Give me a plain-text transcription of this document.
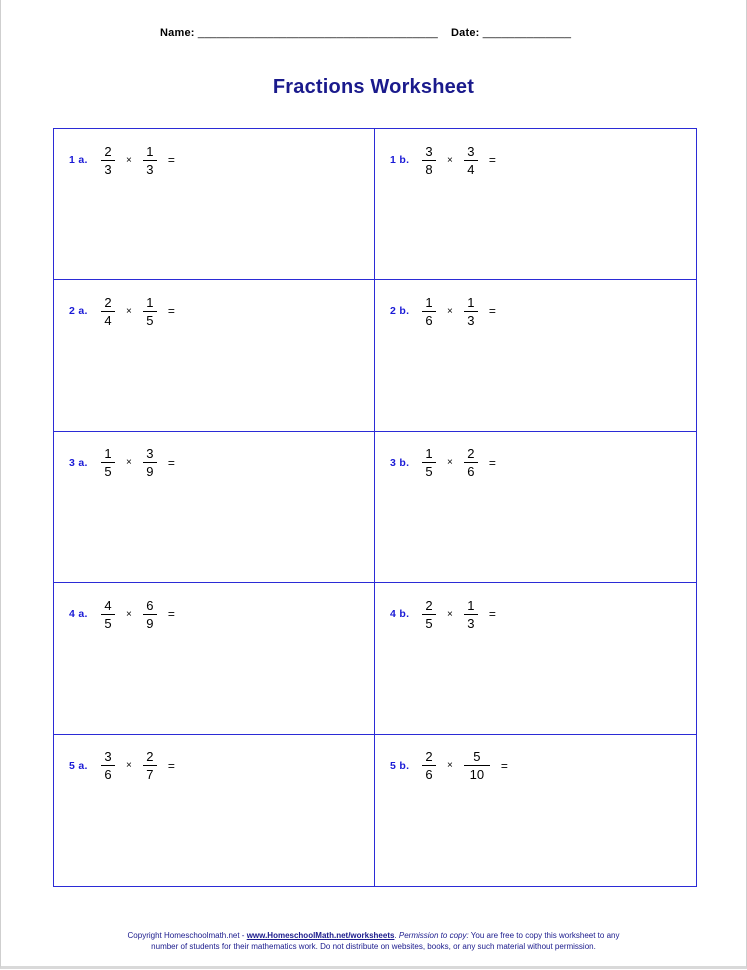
Name: ______________________________________ Date: ______________
Fractions Worksheet
1 a. $\frac{2}{3} \times \frac{1}{3}$ =	1 b. $\frac{3}{8} \times \frac{3}{4}$ =
2 a. $\frac{2}{4} \times \frac{1}{5}$ =	2 b. $\frac{1}{6} \times \frac{1}{3}$ =
3 a. $\frac{1}{5} \times \frac{3}{9}$ =	3 b. $\frac{1}{5} \times \frac{2}{6}$ =
4 a. $\frac{4}{5} \times \frac{6}{9}$ =	4 b. $\frac{2}{5} \times \frac{1}{3}$ =
5 a. $\frac{3}{6} \times \frac{2}{7}$ =	5 b. $\frac{2}{6} \times \frac{5}{10}$ =
Copyright Homeschoolmath.net - www.HomeschoolMath.net/worksheets. Permission to copy: You are free to copy this worksheet to any
number of students for their mathematics work. Do not distribute on websites, books, or any such material without permission.
